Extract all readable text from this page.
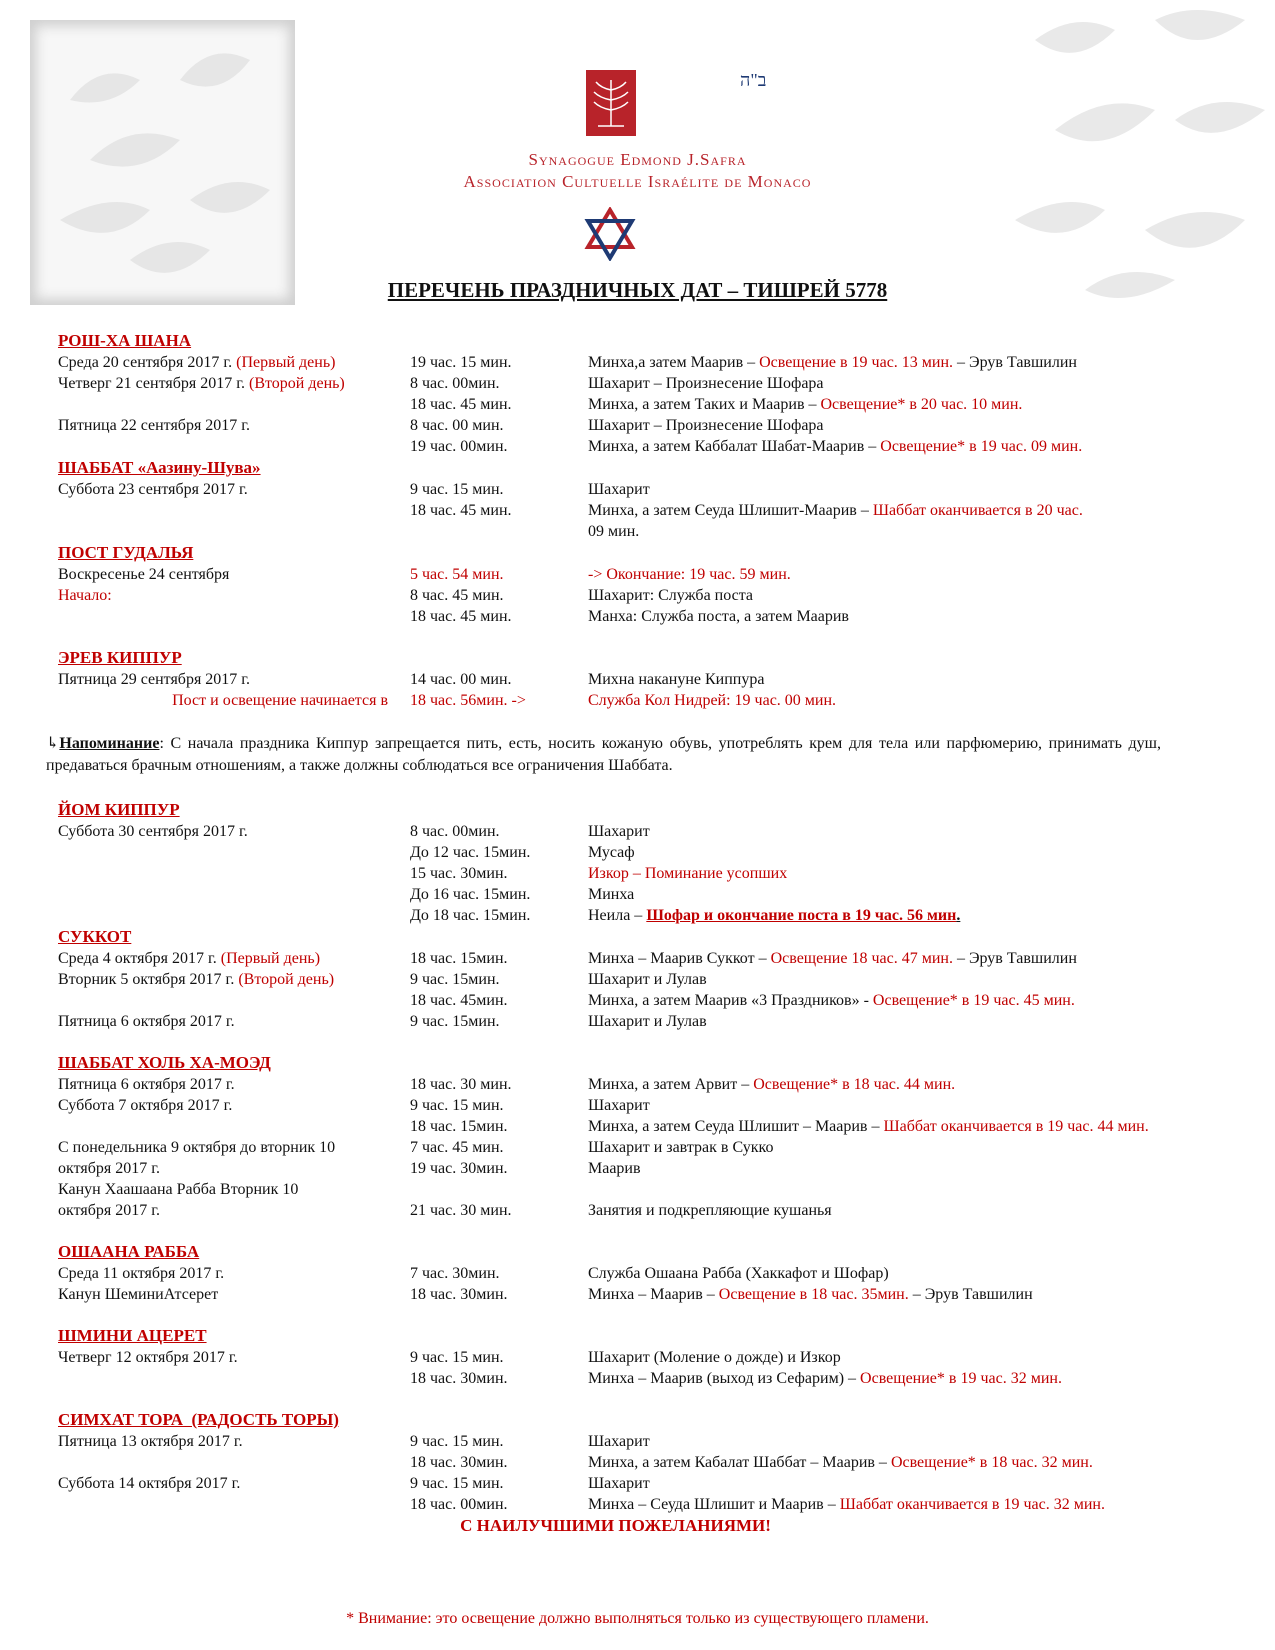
ב"ה
Synagogue Edmond J.Safra
Association Cultuelle Israélite de Monaco
ПЕРЕЧЕНЬ ПРАЗДНИЧНЫХ ДАТ – ТИШРЕЙ 5778
РОШ-ХА ШАНА
Среда 20 сентября 2017 г. (Первый день)	19 час. 15 мин.	Минха,а затем Маарив – Освещение в 19 час. 13 мин. – Эрув Тавшилин
Четверг 21 сентября 2017 г. (Второй день)	8 час. 00мин.	Шахарит – Произнесение Шофара
18 час. 45 мин.	Минха, а затем Таких и Маарив – Освещение* в 20 час. 10 мин.
Пятница 22 сентября 2017 г.	8 час. 00 мин.	Шахарит – Произнесение Шофара
19 час. 00мин.	Минха, а затем Каббалат Шабат-Маарив – Освещение* в 19 час. 09 мин.
ШАББАТ «Аазину-Шува»
Суббота 23 сентября 2017 г.	9 час. 15 мин.	Шахарит
18 час. 45 мин.	Минха, а затем Сеуда Шлишит-Маарив – Шаббат оканчивается в 20 час.
09 мин.
ПОСТ ГУДАЛЬЯ
Воскресенье 24 сентября	5 час. 54 мин.	-> Окончание: 19 час. 59 мин.
Начало:	8 час. 45 мин.	Шахарит: Служба поста
18 час. 45 мин.	Манха: Служба поста, а затем Маарив
ЭРЕВ КИППУР
Пятница 29 сентября 2017 г.	14 час. 00 мин.	Михна накануне Киппура
Пост и освещение начинается в	18 час. 56мин. ->	Служба Кол Нидрей: 19 час. 00 мин.
↳Напоминание: С начала праздника Киппур запрещается пить, есть, носить кожаную обувь, употреблять крем для тела или парфюмерию, принимать душ, предаваться брачным отношениям, а также должны соблюдаться все ограничения Шаббата.
ЙОМ КИППУР
Суббота 30 сентября 2017 г.	8 час. 00мин.	Шахарит
До 12 час. 15мин.	Мусаф
15 час. 30мин.	Изкор – Поминание усопших
До 16 час. 15мин.	Минха
До 18 час. 15мин.	Неила – Шофар и окончание поста в 19 час. 56 мин.
СУККОТ
Среда 4 октября 2017 г. (Первый день)	18 час. 15мин.	Минха – Маарив Суккот – Освещение 18 час. 47 мин. – Эрув Тавшилин
Вторник 5 октября 2017 г. (Второй день)	9 час. 15мин.	Шахарит и Лулав
18 час. 45мин.	Минха, а затем Маарив «3 Праздников» - Освещение* в 19 час. 45 мин.
Пятница 6 октября 2017 г.	9 час. 15мин.	Шахарит и Лулав
ШАББАТ ХОЛЬ ХА-МОЭД
Пятница 6 октября 2017 г.	18 час. 30 мин.	Минха, а затем Арвит – Освещение* в 18 час. 44 мин.
Суббота 7 октября 2017 г.	9 час. 15 мин.	Шахарит
18 час. 15мин.	Минха, а затем Сеуда Шлишит – Маарив – Шаббат оканчивается в 19 час. 44 мин.
С понедельника 9 октября до вторник 10	7 час. 45 мин.	Шахарит и завтрак в Сукко
октября 2017 г.	19 час. 30мин.	Маарив
Канун Хаашаана Рабба Вторник 10
октября 2017 г.	21 час. 30 мин.	Занятия и подкрепляющие кушанья
ОШААНА РАББА
Среда 11 октября 2017 г.	7 час. 30мин.	Служба Ошаана Рабба (Хаккафот и Шофар)
Канун ШеминиАтсерет	18 час. 30мин.	Минха – Маарив – Освещение в 18 час. 35мин. – Эрув Тавшилин
ШМИНИ АЦЕРЕТ
Четверг 12 октября 2017 г.	9 час. 15 мин.	Шахарит (Моление о дожде) и Изкор
18 час. 30мин.	Минха – Маарив (выход из Сефарим) – Освещение* в 19 час. 32 мин.
СИМХАТ ТОРА  (РАДОСТЬ ТОРЫ)
Пятница 13 октября 2017 г.	9 час. 15 мин.	Шахарит
18 час. 30мин.	Минха, а затем Кабалат Шаббат – Маарив – Освещение* в 18 час. 32 мин.
Суббота 14 октября 2017 г.	9 час. 15 мин.	Шахарит
18 час. 00мин.	Минха – Сеуда Шлишит и Маарив – Шаббат оканчивается в 19 час. 32 мин.
С НАИЛУЧШИМИ ПОЖЕЛАНИЯМИ!
* Внимание: это освещение должно выполняться только из существующего пламени.
